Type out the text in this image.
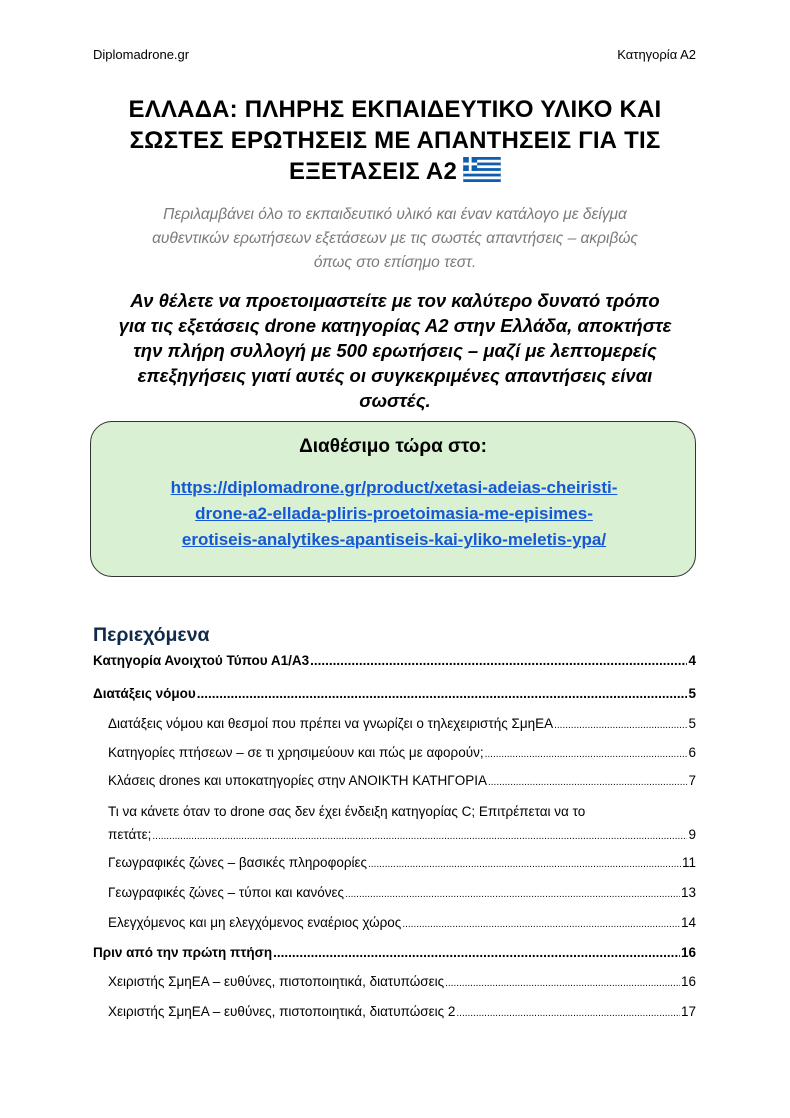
Diplomadrone.gr	Κατηγορία Α2
ΕΛΛΑΔΑ: ΠΛΗΡΗΣ ΕΚΠΑΙΔΕΥΤΙΚΟ ΥΛΙΚΟ ΚΑΙ
ΣΩΣΤΕΣ ΕΡΩΤΗΣΕΙΣ ΜΕ ΑΠΑΝΤΗΣΕΙΣ ΓΙΑ ΤΙΣ
ΕΞΕΤΑΣΕΙΣ Α2
Περιλαμβάνει όλο το εκπαιδευτικό υλικό και έναν κατάλογο με δείγμα
αυθεντικών ερωτήσεων εξετάσεων με τις σωστές απαντήσεις – ακριβώς
όπως στο επίσημο τεστ.
Αν θέλετε να προετοιμαστείτε με τον καλύτερο δυνατό τρόπο
για τις εξετάσεις drone κατηγορίας Α2 στην Ελλάδα, αποκτήστε
την πλήρη συλλογή με 500 ερωτήσεις – μαζί με λεπτομερείς
επεξηγήσεις γιατί αυτές οι συγκεκριμένες απαντήσεις είναι
σωστές.
Διαθέσιμο τώρα στο:
https://diplomadrone.gr/product/xetasi-adeias-cheiristi-
drone-a2-ellada-pliris-proetoimasia-me-episimes-
erotiseis-analytikes-apantiseis-kai-yliko-meletis-ypa/
Περιεχόμενα
Κατηγορία Ανοιχτού Τύπου Α1/Α3 .....	4
Διατάξεις νόμου .....	5
Διατάξεις νόμου και θεσμοί που πρέπει να γνωρίζει ο τηλεχειριστής ΣμηΕΑ .....	5
Κατηγορίες πτήσεων – σε τι χρησιμεύουν και πώς με αφορούν; .....	6
Κλάσεις drones και υποκατηγορίες στην ΑΝΟΙΚΤΗ ΚΑΤΗΓΟΡΙΑ .....	7
Τι να κάνετε όταν το drone σας δεν έχει ένδειξη κατηγορίας C; Επιτρέπεται να το
πετάτε; .....	9
Γεωγραφικές ζώνες – βασικές πληροφορίες .....	11
Γεωγραφικές ζώνες – τύποι και κανόνες .....	13
Ελεγχόμενος και μη ελεγχόμενος εναέριος χώρος .....	14
Πριν από την πρώτη πτήση .....	16
Χειριστής ΣμηΕΑ – ευθύνες, πιστοποιητικά, διατυπώσεις .....	16
Χειριστής ΣμηΕΑ – ευθύνες, πιστοποιητικά, διατυπώσεις 2 .....	17
